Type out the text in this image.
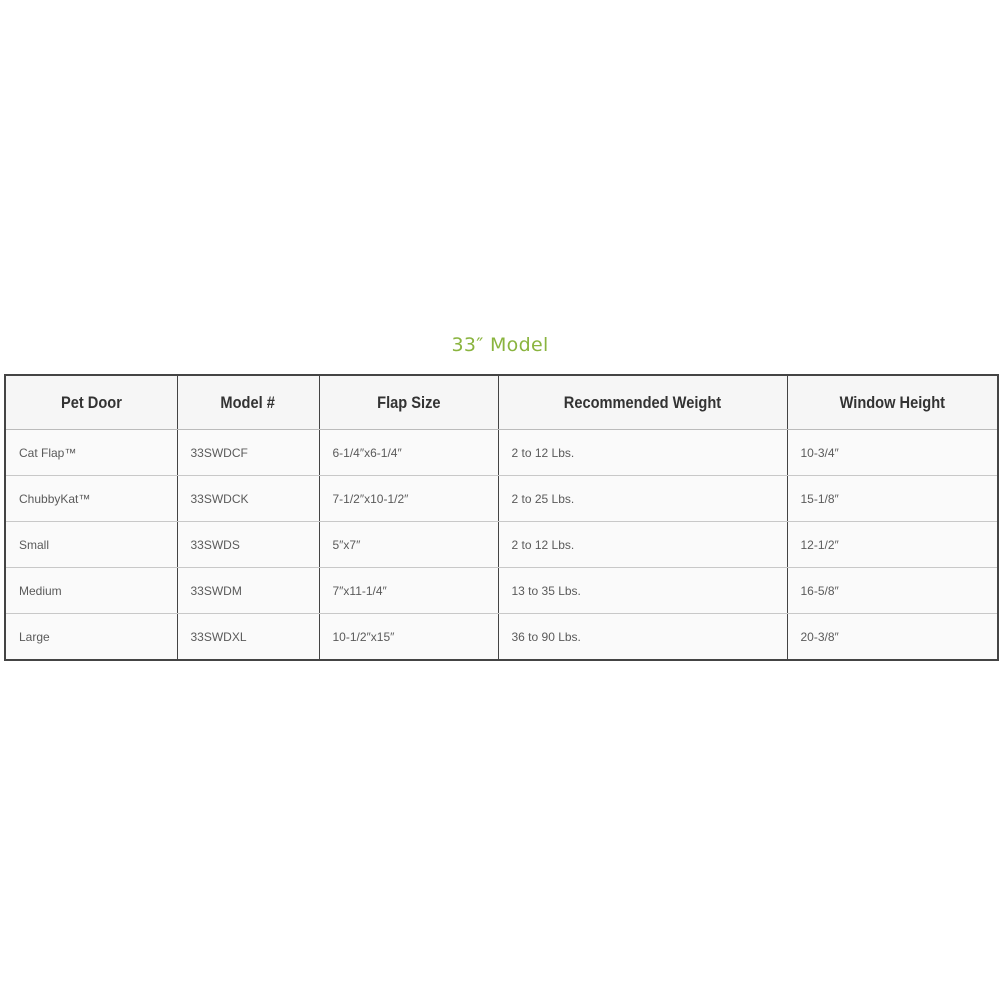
33″ Model
Pet Door	Model #	Flap Size	Recommended Weight	Window Height
Cat Flap™	33SWDCF	6-1/4″x6-1/4″	2 to 12 Lbs.	10-3/4″
ChubbyKat™	33SWDCK	7-1/2″x10-1/2″	2 to 25 Lbs.	15-1/8″
Small	33SWDS	5″x7″	2 to 12 Lbs.	12-1/2″
Medium	33SWDM	7″x11-1/4″	13 to 35 Lbs.	16-5/8″
Large	33SWDXL	10-1/2″x15″	36 to 90 Lbs.	20-3/8″
